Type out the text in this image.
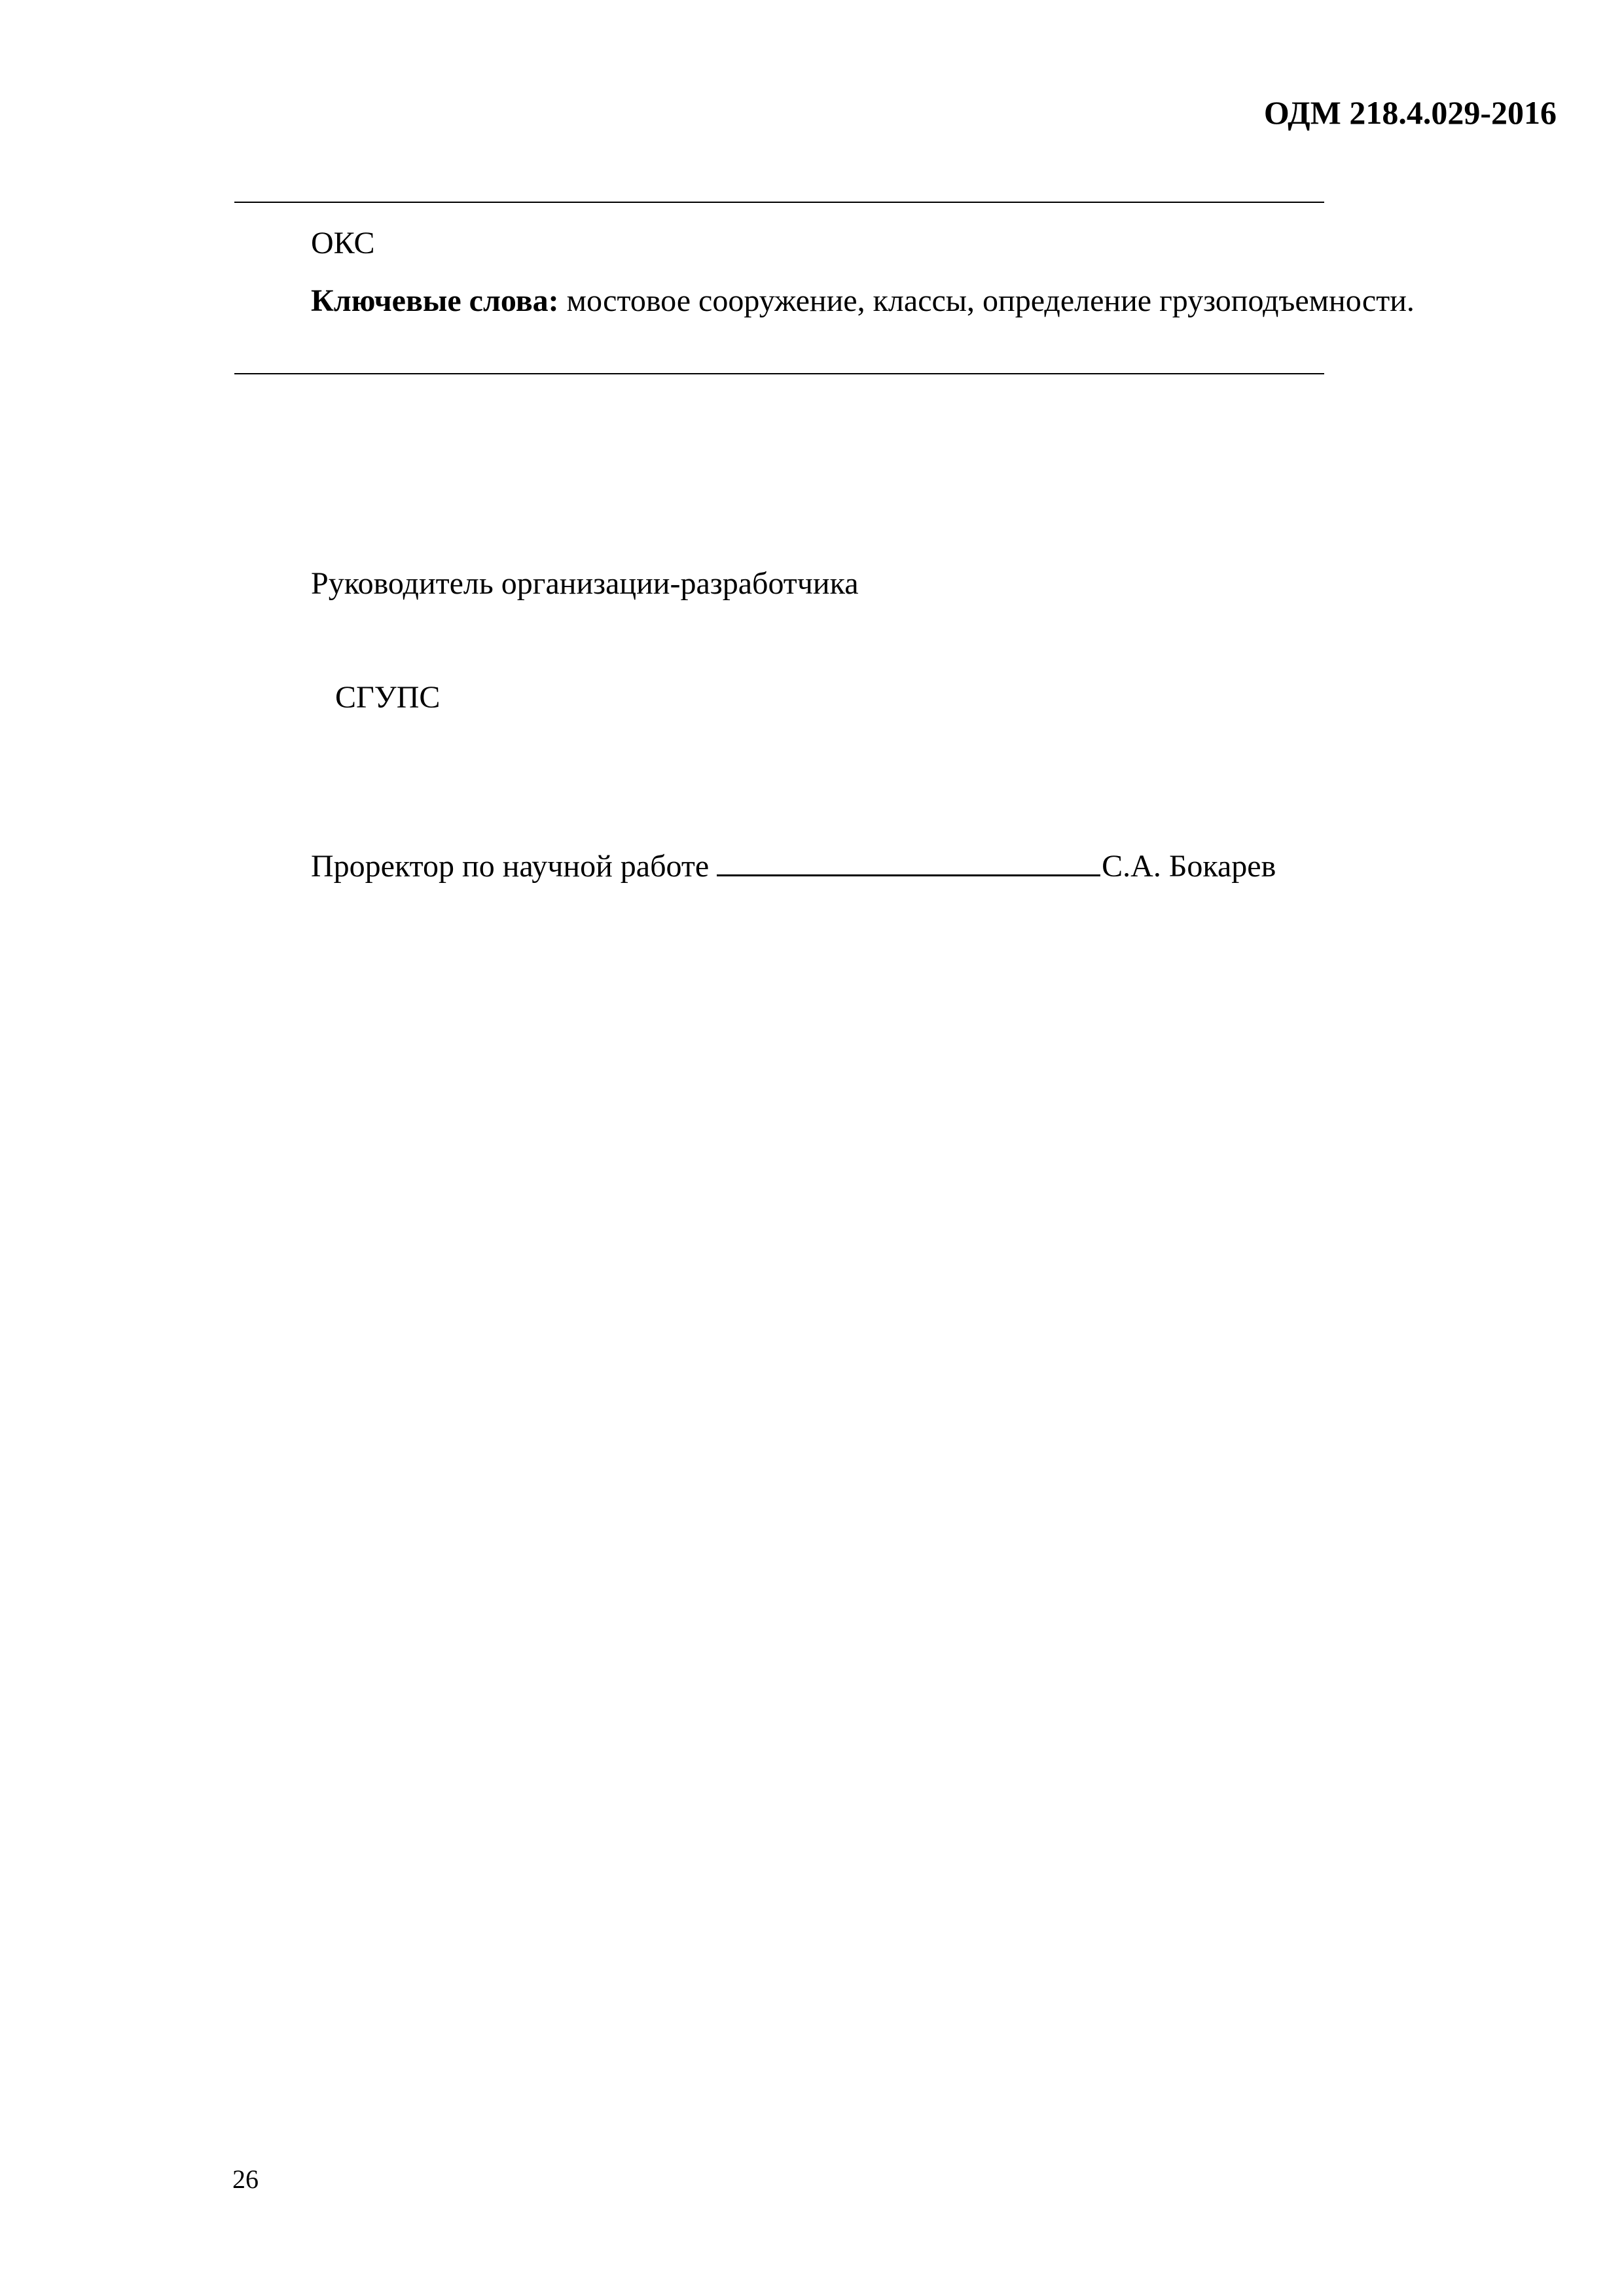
ОДМ 218.4.029-2016
ОКС
Ключевые слова: мостовое сооружение, классы, определение грузоподъемности.
Руководитель организации-разработчика
СГУПС
Проректор по научной работе	С.А. Бокарев
26
